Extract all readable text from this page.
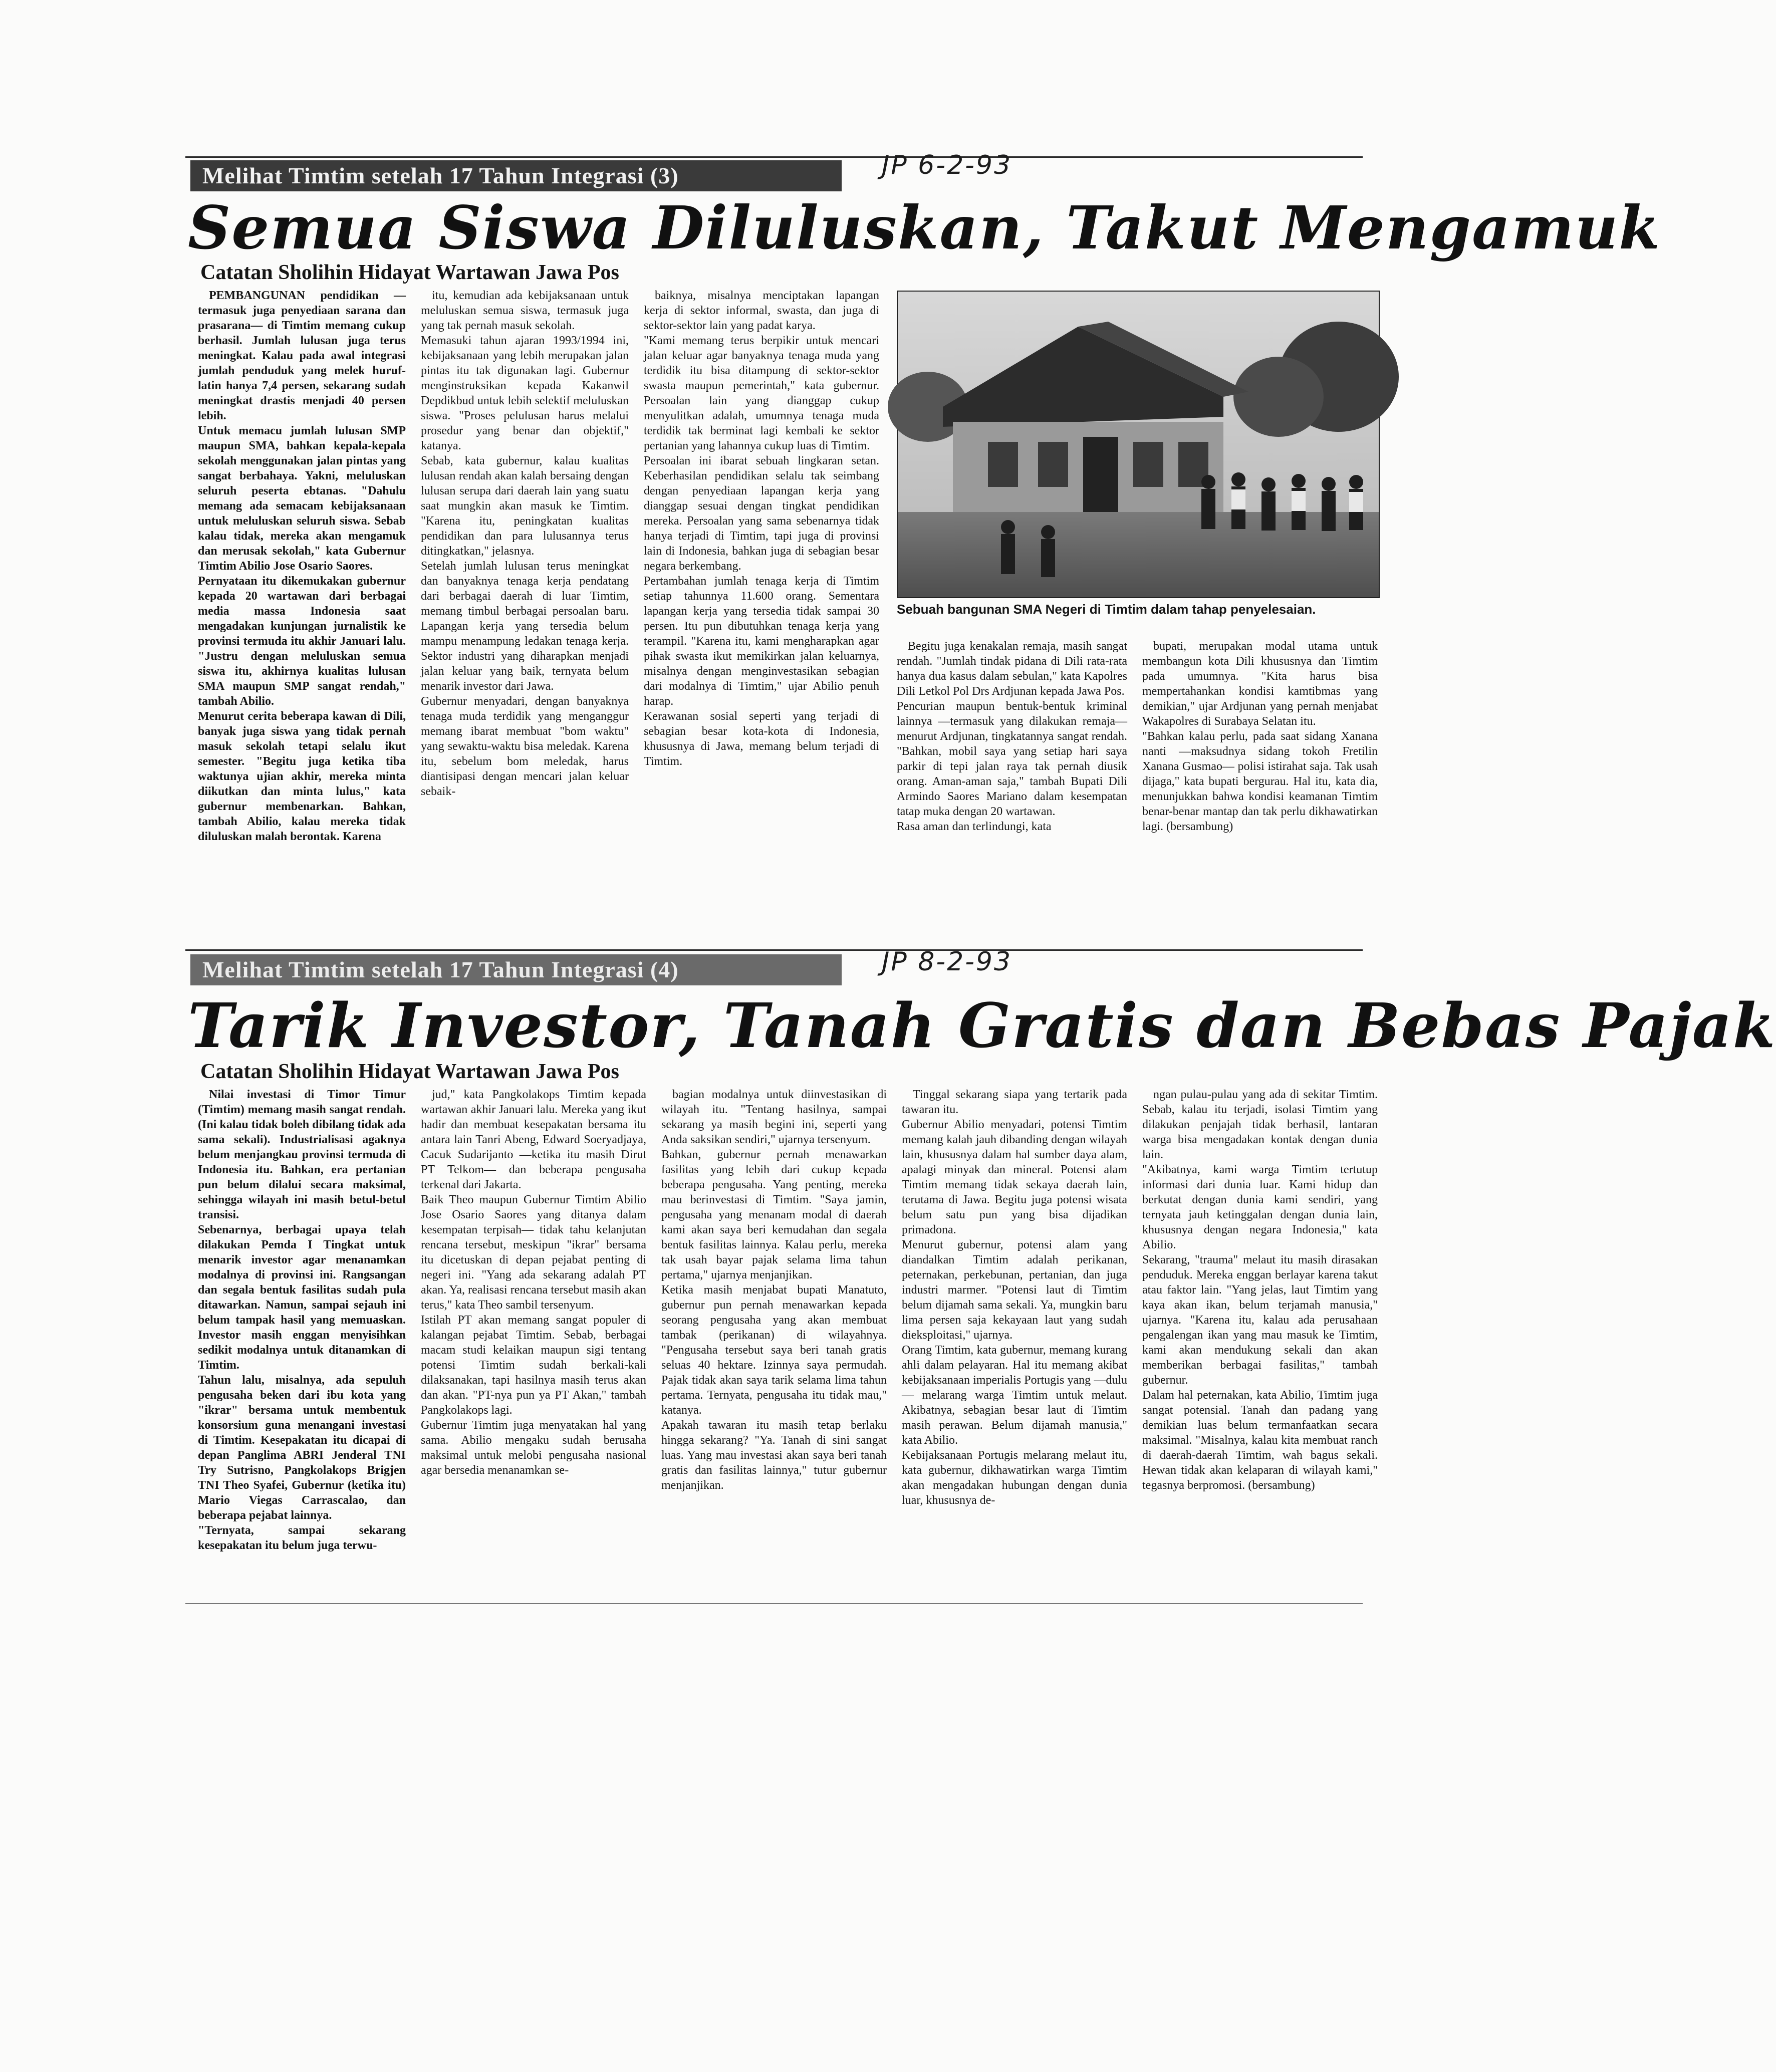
Melihat Timtim setelah 17 Tahun Integrasi (3)	JP 6-2-93
Semua Siswa Diluluskan, Takut Mengamuk
Catatan Sholihin Hidayat Wartawan Jawa Pos

PEMBANGUNAN pendidikan —termasuk juga penyediaan sarana dan prasarana— di Timtim memang cukup berhasil. Jumlah lulusan juga terus meningkat. Kalau pada awal integrasi jumlah penduduk yang melek huruf-latin hanya 7,4 persen, sekarang sudah meningkat drastis menjadi 40 persen lebih.
Untuk memacu jumlah lulusan SMP maupun SMA, bahkan kepala-kepala sekolah menggunakan jalan pintas yang sangat berbahaya. Yakni, meluluskan seluruh peserta ebtanas. "Dahulu memang ada semacam kebijaksanaan untuk meluluskan seluruh siswa. Sebab kalau tidak, mereka akan mengamuk dan merusak sekolah," kata Gubernur Timtim Abilio Jose Osario Saores.
Pernyataan itu dikemukakan gubernur kepada 20 wartawan dari berbagai media massa Indonesia saat mengadakan kunjungan jurnalistik ke provinsi termuda itu akhir Januari lalu. "Justru dengan meluluskan semua siswa itu, akhirnya kualitas lulusan SMA maupun SMP sangat rendah," tambah Abilio.
Menurut cerita beberapa kawan di Dili, banyak juga siswa yang tidak pernah masuk sekolah tetapi selalu ikut semester. "Begitu juga ketika tiba waktunya ujian akhir, mereka minta diikutkan dan minta lulus," kata gubernur membenarkan. Bahkan, tambah Abilio, kalau mereka tidak diluluskan malah berontak. Karena

itu, kemudian ada kebijaksanaan untuk meluluskan semua siswa, termasuk juga yang tak pernah masuk sekolah.
Memasuki tahun ajaran 1993/1994 ini, kebijaksanaan yang lebih merupakan jalan pintas itu tak digunakan lagi. Gubernur menginstruksikan kepada Kakanwil Depdikbud untuk lebih selektif meluluskan siswa. "Proses pelulusan harus melalui prosedur yang benar dan objektif," katanya.
Sebab, kata gubernur, kalau kualitas lulusan rendah akan kalah bersaing dengan lulusan serupa dari daerah lain yang suatu saat mungkin akan masuk ke Timtim. "Karena itu, peningkatan kualitas pendidikan dan para lulusannya terus ditingkatkan," jelasnya.
Setelah jumlah lulusan terus meningkat dan banyaknya tenaga kerja pendatang dari berbagai daerah di luar Timtim, memang timbul berbagai persoalan baru. Lapangan kerja yang tersedia belum mampu menampung ledakan tenaga kerja. Sektor industri yang diharapkan menjadi jalan keluar yang baik, ternyata belum menarik investor dari Jawa.
Gubernur menyadari, dengan banyaknya tenaga muda terdidik yang menganggur memang ibarat membuat "bom waktu" yang sewaktu-waktu bisa meledak. Karena itu, sebelum bom meledak, harus diantisipasi dengan mencari jalan keluar sebaik-

baiknya, misalnya menciptakan lapangan kerja di sektor informal, swasta, dan juga di sektor-sektor lain yang padat karya.
"Kami memang terus berpikir untuk mencari jalan keluar agar banyaknya tenaga muda yang terdidik itu bisa ditampung di sektor-sektor swasta maupun pemerintah," kata gubernur. Persoalan lain yang dianggap cukup menyulitkan adalah, umumnya tenaga muda terdidik tak berminat lagi kembali ke sektor pertanian yang lahannya cukup luas di Timtim.
Persoalan ini ibarat sebuah lingkaran setan. Keberhasilan pendidikan selalu tak seimbang dengan penyediaan lapangan kerja yang dianggap sesuai dengan tingkat pendidikan mereka. Persoalan yang sama sebenarnya tidak hanya terjadi di Timtim, tapi juga di provinsi lain di Indonesia, bahkan juga di sebagian besar negara berkembang.
Pertambahan jumlah tenaga kerja di Timtim setiap tahunnya 11.600 orang. Sementara lapangan kerja yang tersedia tidak sampai 30 persen. Itu pun dibutuhkan tenaga kerja yang terampil. "Karena itu, kami mengharapkan agar pihak swasta ikut memikirkan jalan keluarnya, misalnya dengan menginvestasikan sebagian dari modalnya di Timtim," ujar Abilio penuh harap.
Kerawanan sosial seperti yang terjadi di sebagian besar kota-kota di Indonesia, khususnya di Jawa, memang belum terjadi di Timtim.

Sebuah bangunan SMA Negeri di Timtim dalam tahap penyelesaian.

Begitu juga kenakalan remaja, masih sangat rendah. "Jumlah tindak pidana di Dili rata-rata hanya dua kasus dalam sebulan," kata Kapolres Dili Letkol Pol Drs Ardjunan kepada Jawa Pos.
Pencurian maupun bentuk-bentuk kriminal lainnya —termasuk yang dilakukan remaja— menurut Ardjunan, tingkatannya sangat rendah. "Bahkan, mobil saya yang setiap hari saya parkir di tepi jalan raya tak pernah diusik orang. Aman-aman saja," tambah Bupati Dili Armindo Saores Mariano dalam kesempatan tatap muka dengan 20 wartawan.
Rasa aman dan terlindungi, kata

bupati, merupakan modal utama untuk membangun kota Dili khususnya dan Timtim pada umumnya. "Kita harus bisa mempertahankan kondisi kamtibmas yang demikian," ujar Ardjunan yang pernah menjabat Wakapolres di Surabaya Selatan itu.
"Bahkan kalau perlu, pada saat sidang Xanana nanti —maksudnya sidang tokoh Fretilin Xanana Gusmao— polisi istirahat saja. Tak usah dijaga," kata bupati bergurau. Hal itu, kata dia, menunjukkan bahwa kondisi keamanan Timtim benar-benar mantap dan tak perlu dikhawatirkan lagi. (bersambung)

Melihat Timtim setelah 17 Tahun Integrasi (4)	JP 8-2-93
Tarik Investor, Tanah Gratis dan Bebas Pajak
Catatan Sholihin Hidayat Wartawan Jawa Pos

Nilai investasi di Timor Timur (Timtim) memang masih sangat rendah. (Ini kalau tidak boleh dibilang tidak ada sama sekali). Industrialisasi agaknya belum menjangkau provinsi termuda di Indonesia itu. Bahkan, era pertanian pun belum dilalui secara maksimal, sehingga wilayah ini masih betul-betul transisi.
Sebenarnya, berbagai upaya telah dilakukan Pemda I Tingkat untuk menarik investor agar menanamkan modalnya di provinsi ini. Rangsangan dan segala bentuk fasilitas sudah pula ditawarkan. Namun, sampai sejauh ini belum tampak hasil yang memuaskan. Investor masih enggan menyisihkan sedikit modalnya untuk ditanamkan di Timtim.
Tahun lalu, misalnya, ada sepuluh pengusaha beken dari ibu kota yang "ikrar" bersama untuk membentuk konsorsium guna menangani investasi di Timtim. Kesepakatan itu dicapai di depan Panglima ABRI Jenderal TNI Try Sutrisno, Pangkolakops Brigjen TNI Theo Syafei, Gubernur (ketika itu) Mario Viegas Carrascalao, dan beberapa pejabat lainnya.
"Ternyata, sampai sekarang kesepakatan itu belum juga terwu-

jud," kata Pangkolakops Timtim kepada wartawan akhir Januari lalu. Mereka yang ikut hadir dan membuat kesepakatan bersama itu antara lain Tanri Abeng, Edward Soeryadjaya, Cacuk Sudarijanto —ketika itu masih Dirut PT Telkom— dan beberapa pengusaha terkenal dari Jakarta.
Baik Theo maupun Gubernur Timtim Abilio Jose Osario Saores yang ditanya dalam kesempatan terpisah— tidak tahu kelanjutan rencana tersebut, meskipun "ikrar" bersama itu dicetuskan di depan pejabat penting di negeri ini. "Yang ada sekarang adalah PT akan. Ya, realisasi rencana tersebut masih akan terus," kata Theo sambil tersenyum.
Istilah PT akan memang sangat populer di kalangan pejabat Timtim. Sebab, berbagai macam studi kelaikan maupun sigi tentang potensi Timtim sudah berkali-kali dilaksanakan, tapi hasilnya masih terus akan dan akan. "PT-nya pun ya PT Akan," tambah Pangkolakops lagi.
Gubernur Timtim juga menyatakan hal yang sama. Abilio mengaku sudah berusaha maksimal untuk melobi pengusaha nasional agar bersedia menanamkan se-

bagian modalnya untuk diinvestasikan di wilayah itu. "Tentang hasilnya, sampai sekarang ya masih begini ini, seperti yang Anda saksikan sendiri," ujarnya tersenyum.
Bahkan, gubernur pernah menawarkan fasilitas yang lebih dari cukup kepada beberapa pengusaha. Yang penting, mereka mau berinvestasi di Timtim. "Saya jamin, pengusaha yang menanam modal di daerah kami akan saya beri kemudahan dan segala bentuk fasilitas lainnya. Kalau perlu, mereka tak usah bayar pajak selama lima tahun pertama," ujarnya menjanjikan.
Ketika masih menjabat bupati Manatuto, gubernur pun pernah menawarkan kepada seorang pengusaha yang akan membuat tambak (perikanan) di wilayahnya. "Pengusaha tersebut saya beri tanah gratis seluas 40 hektare. Izinnya saya permudah. Pajak tidak akan saya tarik selama lima tahun pertama. Ternyata, pengusaha itu tidak mau," katanya.
Apakah tawaran itu masih tetap berlaku hingga sekarang? "Ya. Tanah di sini sangat luas. Yang mau investasi akan saya beri tanah gratis dan fasilitas lainnya," tutur gubernur menjanjikan.

Tinggal sekarang siapa yang tertarik pada tawaran itu.
Gubernur Abilio menyadari, potensi Timtim memang kalah jauh dibanding dengan wilayah lain, khususnya dalam hal sumber daya alam, apalagi minyak dan mineral. Potensi alam Timtim memang tidak sekaya daerah lain, terutama di Jawa. Begitu juga potensi wisata belum satu pun yang bisa dijadikan primadona.
Menurut gubernur, potensi alam yang diandalkan Timtim adalah perikanan, peternakan, perkebunan, pertanian, dan juga industri marmer. "Potensi laut di Timtim belum dijamah sama sekali. Ya, mungkin baru lima persen saja kekayaan laut yang sudah dieksploitasi," ujarnya.
Orang Timtim, kata gubernur, memang kurang ahli dalam pelayaran. Hal itu memang akibat kebijaksanaan imperialis Portugis yang —dulu— melarang warga Timtim untuk melaut. Akibatnya, sebagian besar laut di Timtim masih perawan. Belum dijamah manusia," kata Abilio.
Kebijaksanaan Portugis melarang melaut itu, kata gubernur, dikhawatirkan warga Timtim akan mengadakan hubungan dengan dunia luar, khususnya de-

ngan pulau-pulau yang ada di sekitar Timtim. Sebab, kalau itu terjadi, isolasi Timtim yang dilakukan penjajah tidak berhasil, lantaran warga bisa mengadakan kontak dengan dunia lain.
"Akibatnya, kami warga Timtim tertutup informasi dari dunia luar. Kami hidup dan berkutat dengan dunia kami sendiri, yang ternyata jauh ketinggalan dengan dunia lain, khususnya dengan negara Indonesia," kata Abilio.
Sekarang, "trauma" melaut itu masih dirasakan penduduk. Mereka enggan berlayar karena takut atau faktor lain. "Yang jelas, laut Timtim yang kaya akan ikan, belum terjamah manusia," ujarnya. "Karena itu, kalau ada perusahaan pengalengan ikan yang mau masuk ke Timtim, kami akan mendukung sekali dan akan memberikan berbagai fasilitas," tambah gubernur.
Dalam hal peternakan, kata Abilio, Timtim juga sangat potensial. Tanah dan padang yang demikian luas belum termanfaatkan secara maksimal. "Misalnya, kalau kita membuat ranch di daerah-daerah Timtim, wah bagus sekali. Hewan tidak akan kelaparan di wilayah kami," tegasnya berpromosi. (bersambung)
